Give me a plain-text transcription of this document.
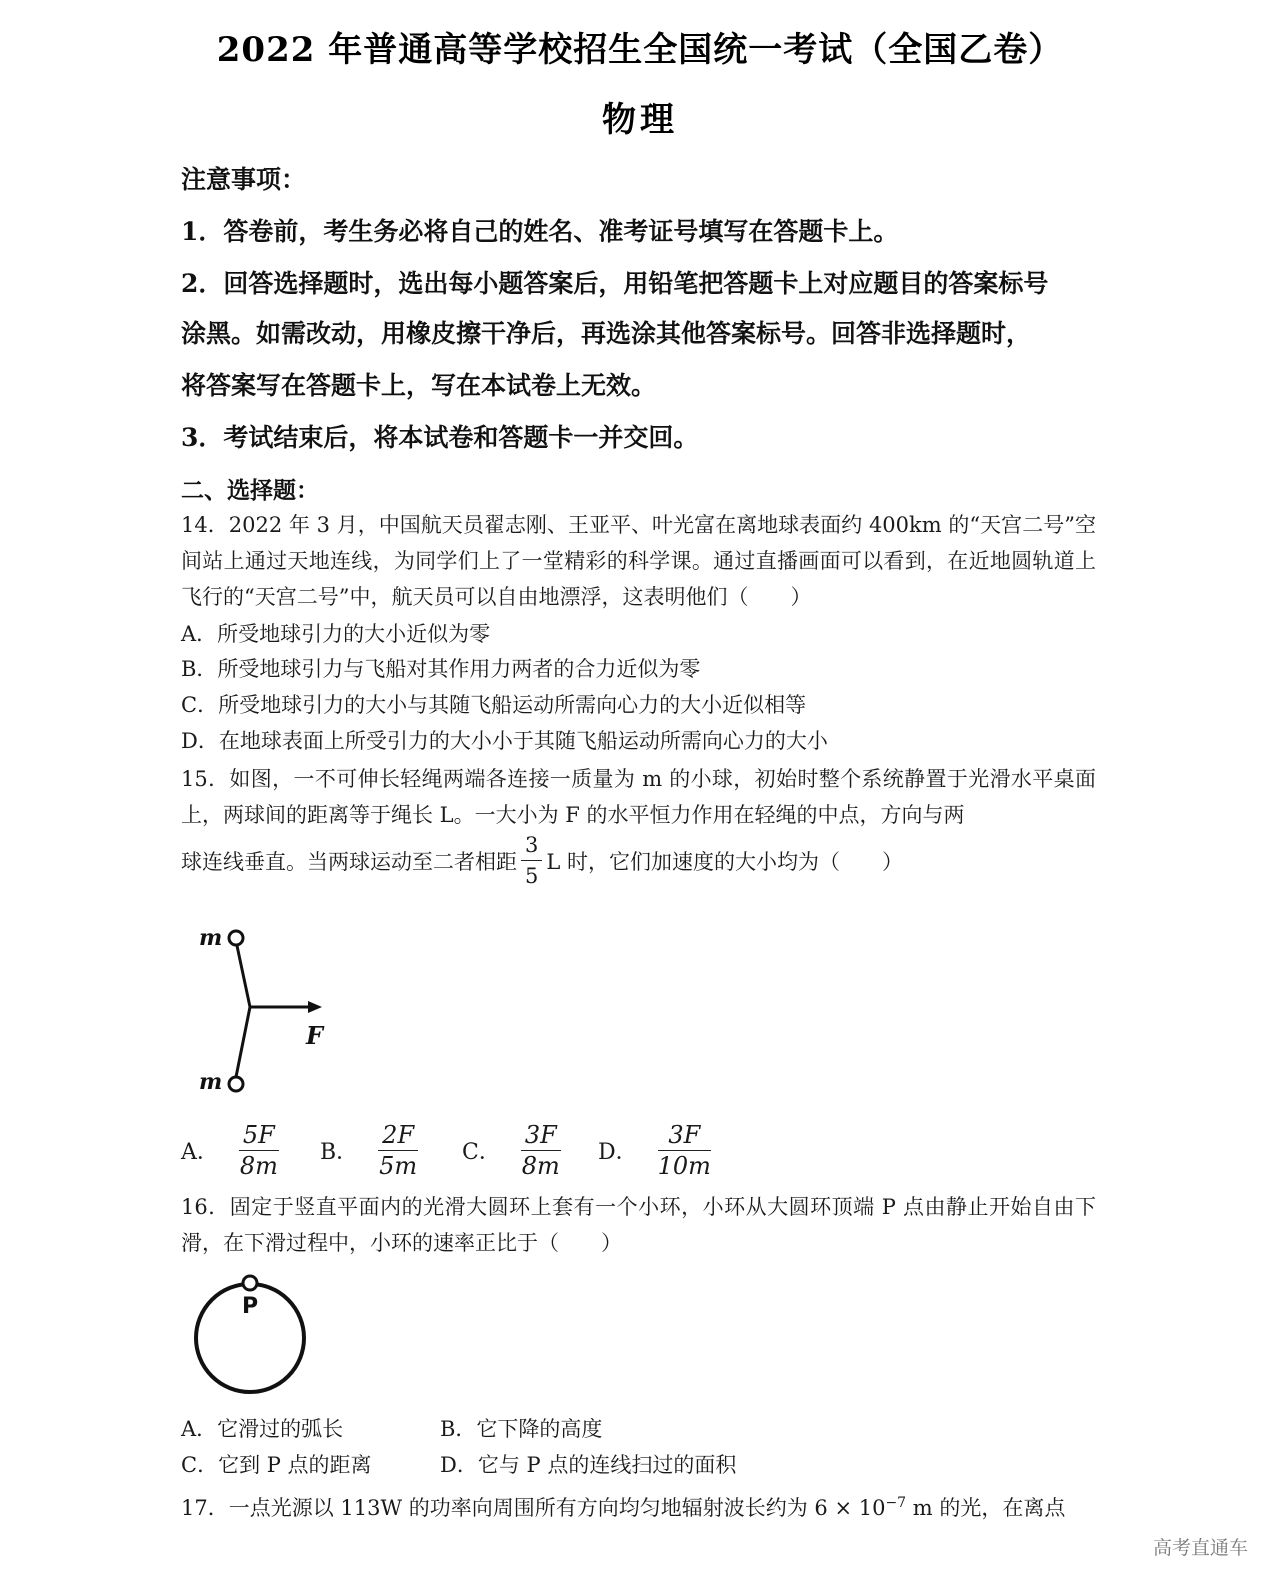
2022 年普通高等学校招生全国统一考试（全国乙卷）
物理
注意事项：
1．答卷前，考生务必将自己的姓名、准考证号填写在答题卡上。
2．回答选择题时，选出每小题答案后，用铅笔把答题卡上对应题目的答案标号
涂黑。如需改动，用橡皮擦干净后，再选涂其他答案标号。回答非选择题时，
将答案写在答题卡上，写在本试卷上无效。
3．考试结束后，将本试卷和答题卡一并交回。
二、选择题：
14．2022 年 3 月，中国航天员翟志刚、王亚平、叶光富在离地球表面约 400km 的“天宫二号”空间站上通过天地连线，为同学们上了一堂精彩的科学课。通过直播画面可以看到，在近地圆轨道上飞行的“天宫二号”中，航天员可以自由地漂浮，这表明他们（　　）
A．所受地球引力的大小近似为零
B．所受地球引力与飞船对其作用力两者的合力近似为零
C．所受地球引力的大小与其随飞船运动所需向心力的大小近似相等
D．在地球表面上所受引力的大小小于其随飞船运动所需向心力的大小
15．如图，一不可伸长轻绳两端各连接一质量为 m 的小球，初始时整个系统静置于光滑水平桌面上，两球间的距离等于绳长 L。一大小为 F 的水平恒力作用在轻绳的中点，方向与两
球连线垂直。当两球运动至二者相距 $\frac{3}{5}$ L 时，它们加速度的大小均为（　　）
m
m
F
A． $\frac{5F}{8m}$ B． $\frac{2F}{5m}$ C． $\frac{3F}{8m}$ D． $\frac{3F}{10m}$
16．固定于竖直平面内的光滑大圆环上套有一个小环，小环从大圆环顶端 P 点由静止开始自由下滑，在下滑过程中，小环的速率正比于（　　）
P
A．它滑过的弧长	B．它下降的高度
C．它到 P 点的距离	D．它与 P 点的连线扫过的面积
17．一点光源以 113W 的功率向周围所有方向均匀地辐射波长约为 $6 \times 10^{-7}$ m 的光，在离点
高考直通车
